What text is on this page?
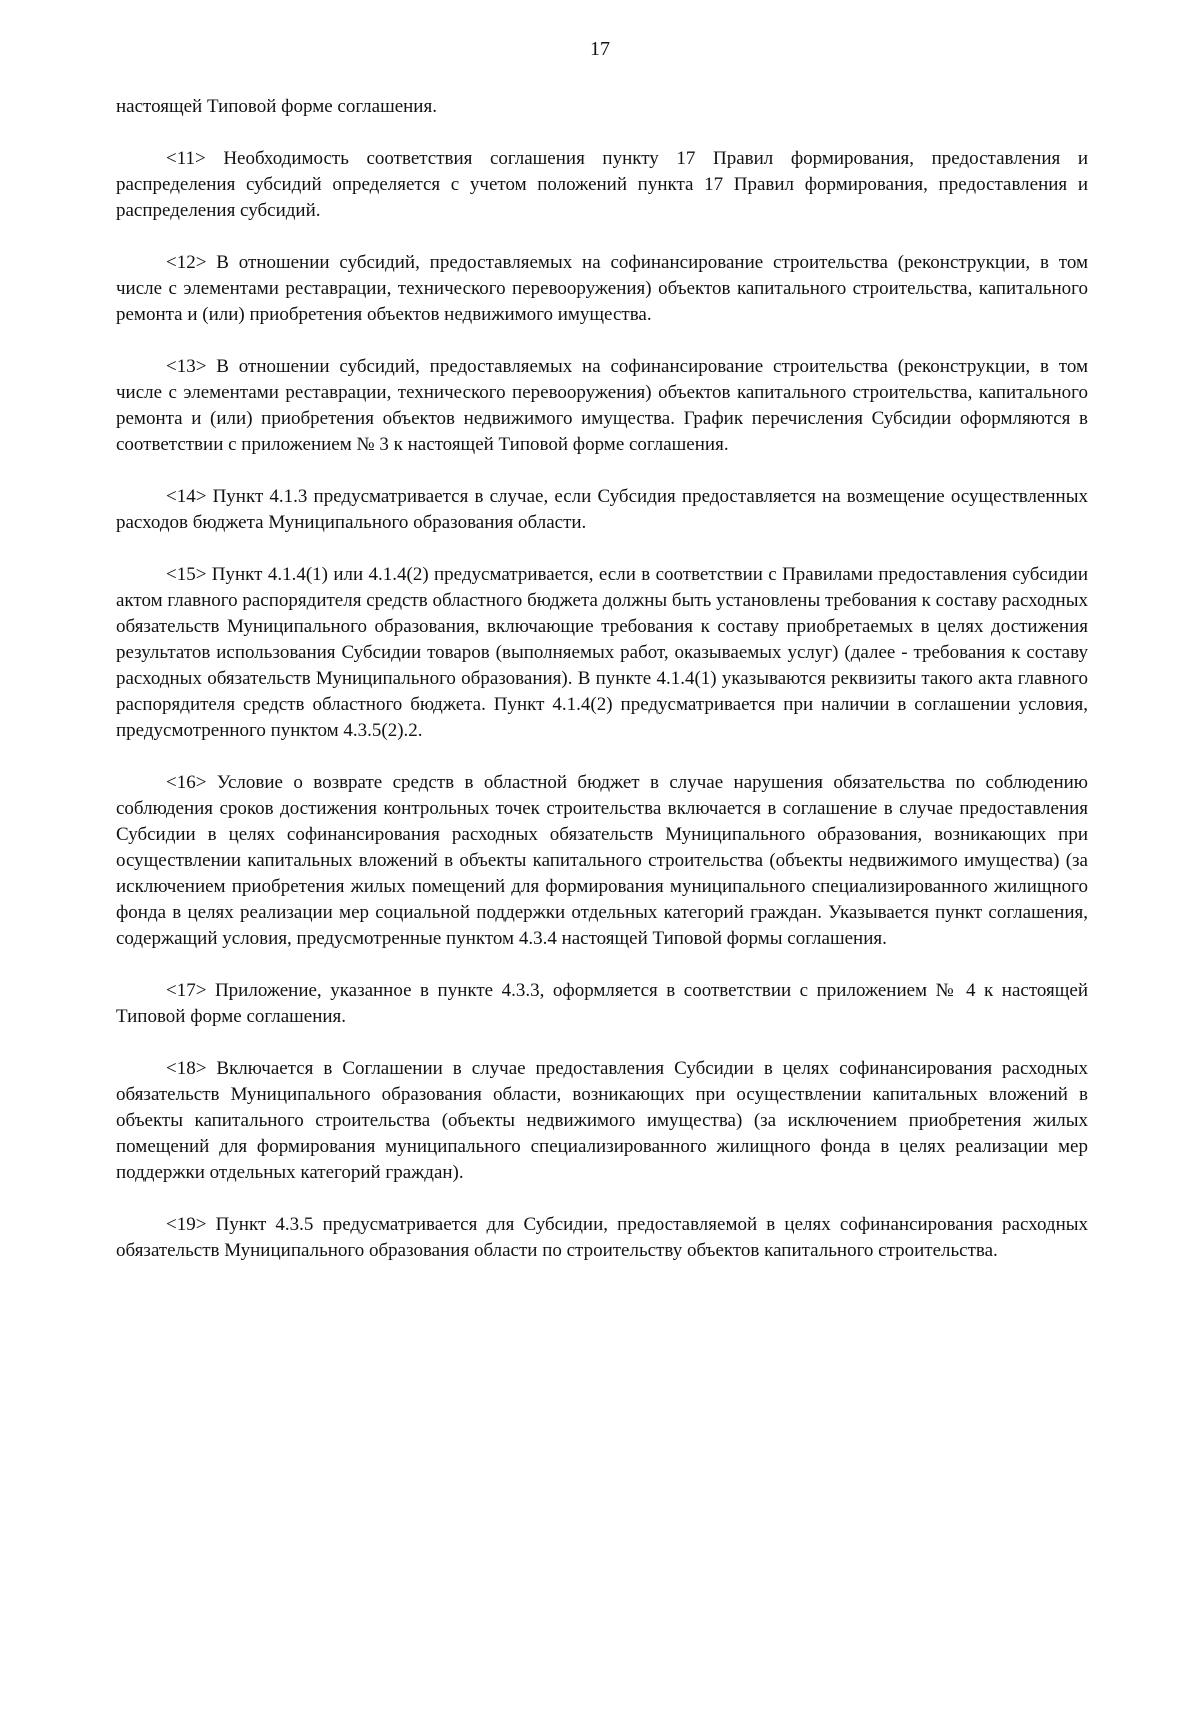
17

настоящей Типовой форме соглашения.

<11> Необходимость соответствия соглашения пункту 17 Правил формирования, предоставления и распределения субсидий определяется с учетом положений пункта 17 Правил формирования, предоставления и распределения субсидий.

<12> В отношении субсидий, предоставляемых на софинансирование строительства (реконструкции, в том числе с элементами реставрации, технического перевооружения) объектов капитального строительства, капитального ремонта и (или) приобретения объектов недвижимого имущества.

<13> В отношении субсидий, предоставляемых на софинансирование строительства (реконструкции, в том числе с элементами реставрации, технического перевооружения) объектов капитального строительства, капитального ремонта и (или) приобретения объектов недвижимого имущества. График перечисления Субсидии оформляются в соответствии с приложением № 3 к настоящей Типовой форме соглашения.

<14> Пункт 4.1.3 предусматривается в случае, если Субсидия предоставляется на возмещение осуществленных расходов бюджета Муниципального образования области.

<15> Пункт 4.1.4(1) или 4.1.4(2) предусматривается, если в соответствии с Правилами предоставления субсидии актом главного распорядителя средств областного бюджета должны быть установлены требования к составу расходных обязательств Муниципального образования, включающие требования к составу приобретаемых в целях достижения результатов использования Субсидии товаров (выполняемых работ, оказываемых услуг) (далее - требования к составу расходных обязательств Муниципального образования). В пункте 4.1.4(1) указываются реквизиты такого акта главного распорядителя средств областного бюджета. Пункт 4.1.4(2) предусматривается при наличии в соглашении условия, предусмотренного пунктом 4.3.5(2).2.

<16> Условие о возврате средств в областной бюджет в случае нарушения обязательства по соблюдению соблюдения сроков достижения контрольных точек строительства включается в соглашение в случае предоставления Субсидии в целях софинансирования расходных обязательств Муниципального образования, возникающих при осуществлении капитальных вложений в объекты капитального строительства (объекты недвижимого имущества) (за исключением приобретения жилых помещений для формирования муниципального специализированного жилищного фонда в целях реализации мер социальной поддержки отдельных категорий граждан. Указывается пункт соглашения, содержащий условия, предусмотренные пунктом 4.3.4 настоящей Типовой формы соглашения.

<17> Приложение, указанное в пункте 4.3.3, оформляется в соответствии с приложением № 4 к настоящей Типовой форме соглашения.

<18> Включается в Соглашении в случае предоставления Субсидии в целях софинансирования расходных обязательств Муниципального образования области, возникающих при осуществлении капитальных вложений в объекты капитального строительства (объекты недвижимого имущества) (за исключением приобретения жилых помещений для формирования муниципального специализированного жилищного фонда в целях реализации мер поддержки отдельных категорий граждан).

<19> Пункт 4.3.5 предусматривается для Субсидии, предоставляемой в целях софинансирования расходных обязательств Муниципального образования области по строительству объектов капитального строительства.
